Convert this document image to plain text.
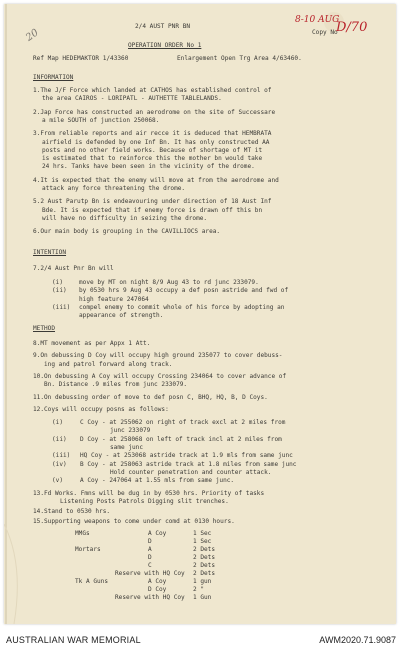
2/4 AUST PNR BN
Copy No
OPERATION ORDER No 1
Ref Map HEDEMAKTOR 1/43360	Enlargement Open Trg Area 4/63460.
8-10 AUG
D/70
20
INFORMATION
1.The J/F Force which landed at CATHOS has established control of
the area CAIROS - LORIPATL - AUTHETTE TABLELANDS.
2.Jap Force has constructed an aerodrome on the site of Successare
a mile SOUTH of junction 250068.
3.From reliable reports and air recce it is deduced that HEMBRATA
airfield is defended by one Inf Bn. It has only constructed AA
posts and no other field works. Because of shortage of MT it
is estimated that to reinforce this the mother bn would take
24 hrs. Tanks have been seen in the vicinity of the drome.
4.It is expected that the enemy will move at from the aerodrome and
attack any force threatening the drome.
5.2 Aust Parutp Bn is endeavouring under direction of 18 Aust Inf
Bde. It is expected that if enemy force is drawn off this bn
will have no difficulty in seizing the drome.
6.Our main body is grouping in the CAVILLIOCS area.
INTENTION
7.2/4 Aust Pnr Bn will
(i)	move by MT on night 8/9 Aug 43 to rd junc 233079.
(ii) by 0530 hrs 9 Aug 43 occupy a def posn astride and fwd of
high feature 247064
(iii) compel enemy to commit whole of his force by adopting an
appearance of strength.
METHOD
8.MT movement as per Appx 1 Att.
9.On debussing D Coy will occupy high ground 235077 to cover debuss-
ing and patrol forward along track.
10.On debussing A Coy will occupy Crossing 234064 to cover advance of
Bn. Distance .9 miles from junc 233079.
11.On debussing order of move to def posn C, BHQ, HQ, B, D Coys.
12.Coys will occupy posns as follows:
(i)	C Coy - at 255062 on right of track excl at 2 miles from
junc 233079
(ii) D Coy - at 258068 on left of track incl at 2 miles from
same junc
(iii) HQ Coy - at 253068 astride track at 1.9 mls from same junc
(iv) B Coy - at 258063 astride track at 1.8 miles from same junc
Hold counter penetration and counter attack.
(v)	A Coy - 247064 at 1.55 mls from same junc.
13.Fd Works. Fmns will be dug in by 0530 hrs. Priority of tasks
Listening Posts Patrols Digging slit trenches.
14.Stand to 0530 hrs.
15.Supporting weapons to come under comd at 0130 hours.
MMGs	A Coy	1 Sec
D	1 Sec
Mortars	A	2 Dets
D	2 Dets
C	2 Dets
Reserve with HQ Coy 2 Dets
Tk A Guns	A Coy	1 gun
D Coy	2 "
Reserve with HQ Coy 1 Gun
AUSTRALIAN WAR MEMORIAL	AWM2020.71.9087
